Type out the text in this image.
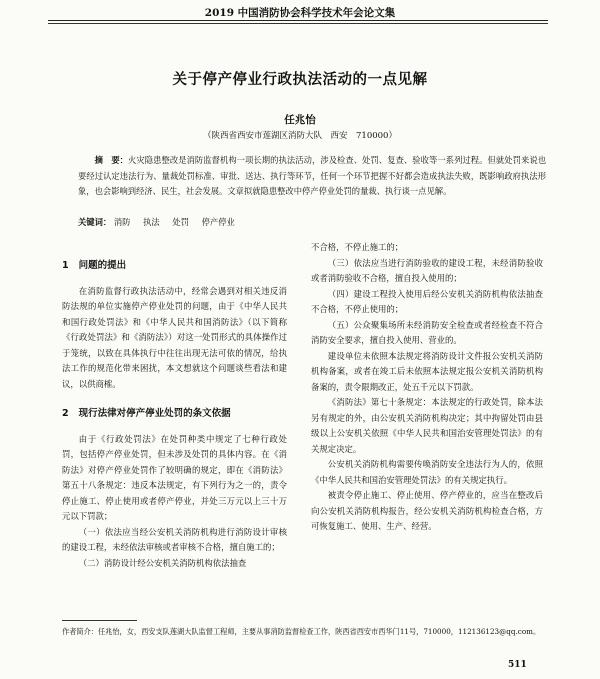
2019 中国消防协会科学技术年会论文集
关于停产停业行政执法活动的一点见解
任兆怡
（陕西省西安市莲湖区消防大队　西安　710000）
摘　要：火灾隐患整改是消防监督机构一项长期的执法活动，涉及检查、处罚、复查、验收等一系列过程。但就处罚来说也要经过认定违法行为、量裁处罚标准、审批、送达、执行等环节，任何一个环节把握不好都会造成执法失败，既影响政府执法形象，也会影响到经济、民生，社会发展。文章拟就隐患整改中停产停业处罚的量裁、执行谈一点见解。
关键词： 消防 执法 处罚 停产停业
1 问题的提出

在消防监督行政执法活动中，经常会遇到对相关违反消防法规的单位实施停产停业处罚的问题，由于《中华人民共和国行政处罚法》和《中华人民共和国消防法》（以下简称《行政处罚法》和《消防法》）对这一处罚形式的具体操作过于笼统，以致在具体执行中往往出现无法可依的情况，给执法工作的规范化带来困扰，本文想就这个问题谈些看法和建议，以供商榷。

2 现行法律对停产停业处罚的条文依据

由于《行政处罚法》在处罚种类中规定了七种行政处罚，包括停产停业处罚，但未涉及处罚的具体内容。在《消防法》对停产停业处罚作了较明确的规定，即在《消防法》第五十八条规定：违反本法规定，有下列行为之一的，责令停止施工、停止使用或者停产停业，并处三万元以上三十万元以下罚款；

（一）依法应当经公安机关消防机构进行消防设计审核的建设工程，未经依法审核或者审核不合格，擅自施工的；

（二）消防设计经公安机关消防机构依法抽查

不合格，不停止施工的；

（三）依法应当进行消防验收的建设工程，未经消防验收或者消防验收不合格，擅自投入使用的；

（四）建设工程投入使用后经公安机关消防机构依法抽查不合格，不停止使用的；

（五）公众聚集场所未经消防安全检查或者经检查不符合消防安全要求，擅自投入使用、营业的。

建设单位未依照本法规定将消防设计文件报公安机关消防机构备案，或者在竣工后未依照本法规定报公安机关消防机构备案的，责令限期改正，处五千元以下罚款。

《消防法》第七十条规定：本法规定的行政处罚，除本法另有规定的外，由公安机关消防机构决定；其中拘留处罚由县级以上公安机关依照《中华人民共和国治安管理处罚法》的有关规定决定。

公安机关消防机构需要传唤消防安全违法行为人的，依照《中华人民共和国治安管理处罚法》的有关规定执行。

被责令停止施工、停止使用、停产停业的，应当在整改后向公安机关消防机构报告，经公安机关消防机构检查合格，方可恢复施工、使用、生产、经营。

作者简介：任兆怡，女，西安支队莲湖大队监督工程师，主要从事消防监督检查工作，陕西省西安市西华门11号，710000，112136123@qq.com。
511
